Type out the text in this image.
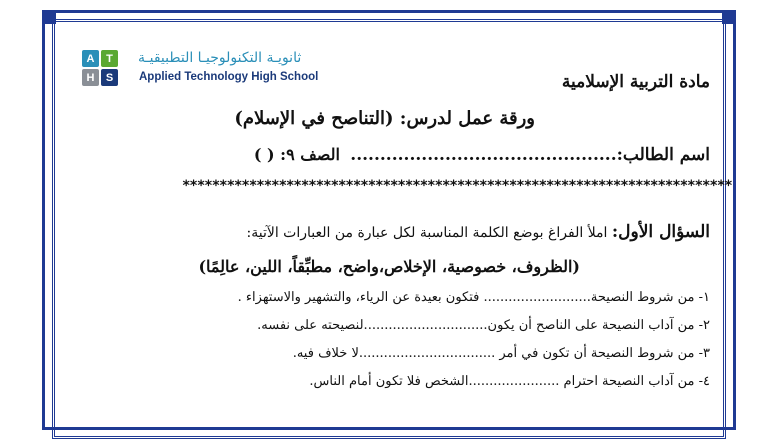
A	T
H	S
ثانويـة التكنولوجيـا التطبيقيـة
Applied Technology High School	مادة التربية الإسلامية
ورقة عمل لدرس: (التناصح في الإسلام)
اسم الطالب:.............................................
الصف ٩: ( )
**************************************************************************
السؤال الأول: املأ الفراغ بوضع الكلمة المناسبة لكل عبارة من العبارات الآتية:
(الظروف، خصوصية، الإخلاص،واضح، مطبِّقاً، اللين، عالِمًا)
١- من شروط النصيحة.......................... فتكون بعيدة عن الرياء، والتشهير والاستهزاء .
٢- من آداب النصيحة على الناصح أن يكون..............................لنصيحته على نفسه.
٣- من شروط النصيحة أن تكون في أمر .................................لا خلاف فيه.
٤- من آداب النصيحة احترام ......................الشخص فلا تكون أمام الناس.
